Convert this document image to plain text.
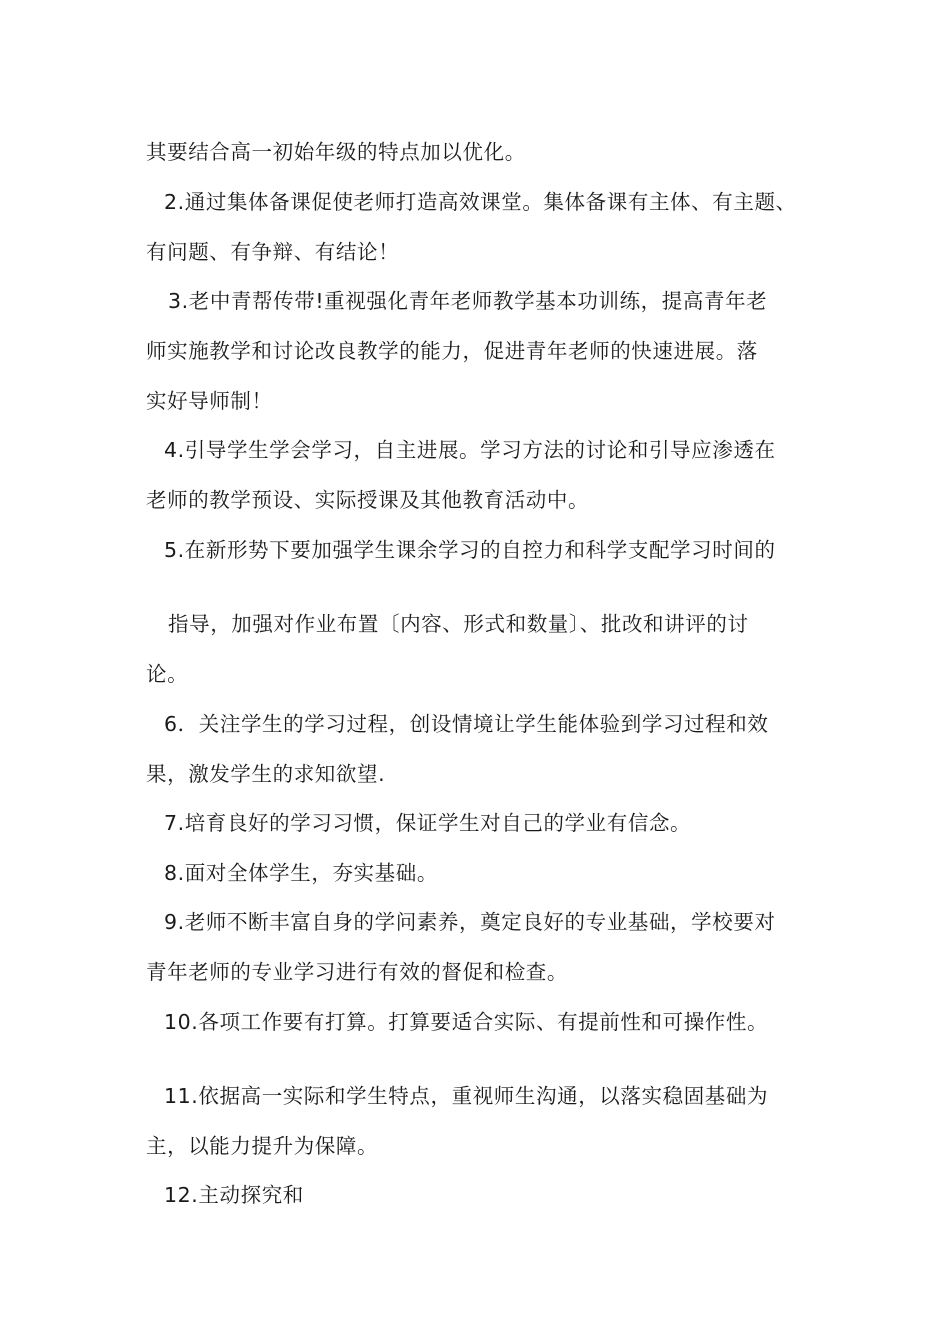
其要结合高一初始年级的特点加以优化。
2.通过集体备课促使老师打造高效课堂。集体备课有主体、有主题、
有问题、有争辩、有结论！
3.老中青帮传带!重视强化青年老师教学基本功训练，提高青年老
师实施教学和讨论改良教学的能力，促进青年老师的快速进展。落
实好导师制！
4.引导学生学会学习，自主进展。学习方法的讨论和引导应渗透在
老师的教学预设、实际授课及其他教育活动中。
5.在新形势下要加强学生课余学习的自控力和科学支配学习时间的
指导，加强对作业布置〔内容、形式和数量〕、批改和讲评的讨
论。
6．关注学生的学习过程，创设情境让学生能体验到学习过程和效
果，激发学生的求知欲望.
7.培育良好的学习习惯，保证学生对自己的学业有信念。
8.面对全体学生，夯实基础。
9.老师不断丰富自身的学问素养，奠定良好的专业基础，学校要对
青年老师的专业学习进行有效的督促和检查。
10.各项工作要有打算。打算要适合实际、有提前性和可操作性。
11.依据高一实际和学生特点，重视师生沟通，以落实稳固基础为
主，以能力提升为保障。
12.主动探究和
